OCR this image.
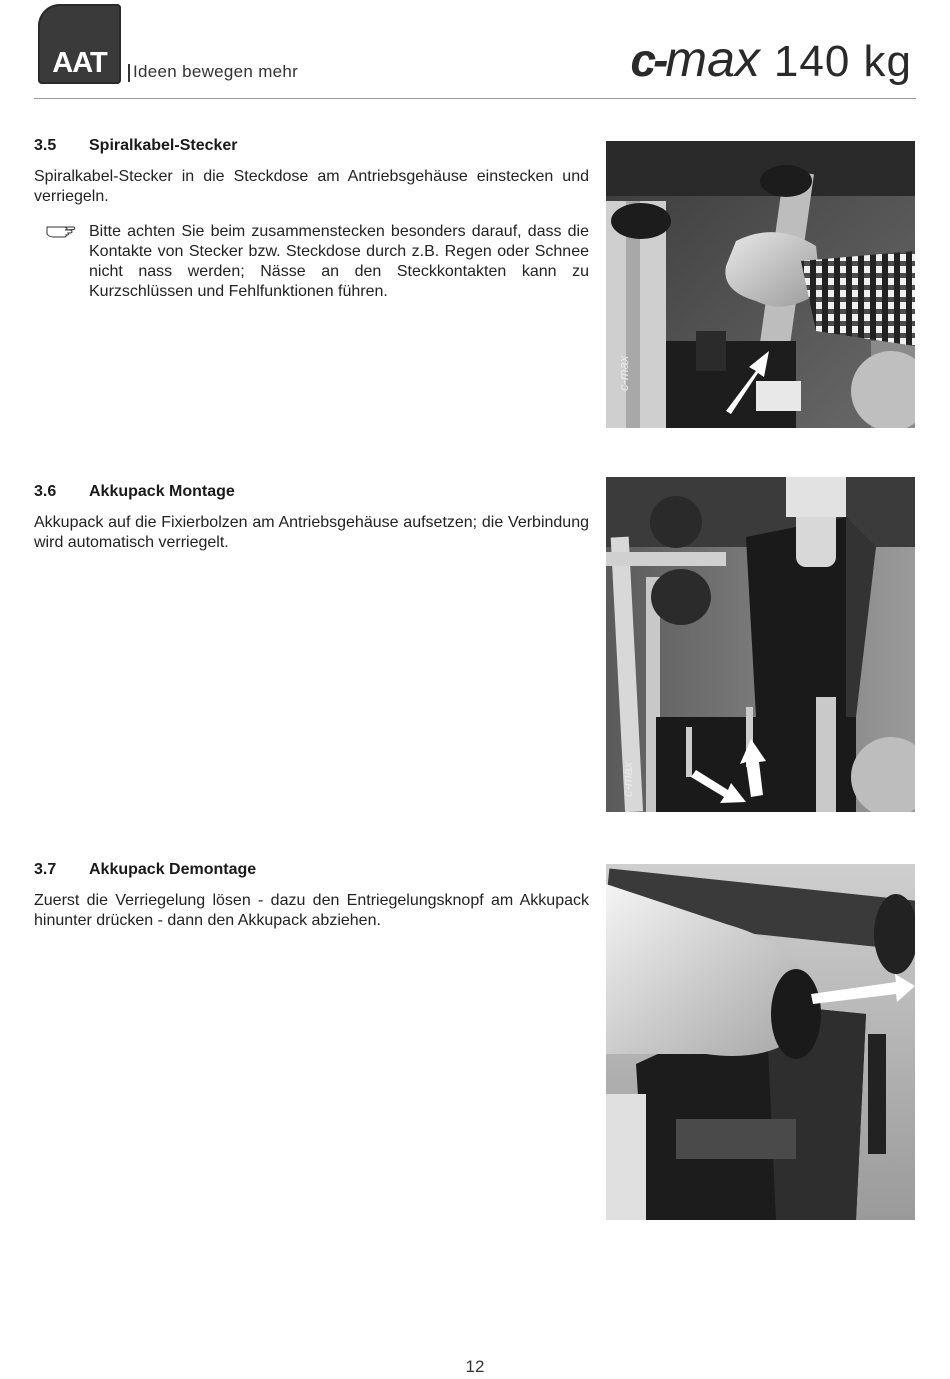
AAT	Ideen bewegen mehr	c- max 140 kg
3.5 Spiralkabel-Stecker
Spiralkabel-Stecker in die Steckdose am Antriebsgehäuse einstecken und verriegeln.
Bitte achten Sie beim zusammenstecken besonders darauf, dass die Kontakte von Stecker bzw. Steckdose durch z.B. Regen oder Schnee nicht nass werden; Nässe an den Steckkontakten kann zu Kurzschlüssen und Fehlfunktionen führen.
c-max
3.6 Akkupack Montage
Akkupack auf die Fixierbolzen am Antriebsgehäuse aufsetzen; die Verbindung wird automatisch verriegelt.
c-max
3.7 Akkupack Demontage
Zuerst die Verriegelung lösen - dazu den Entriegelungsknopf am Akkupack hinunter drücken - dann den Akkupack abziehen.
12
